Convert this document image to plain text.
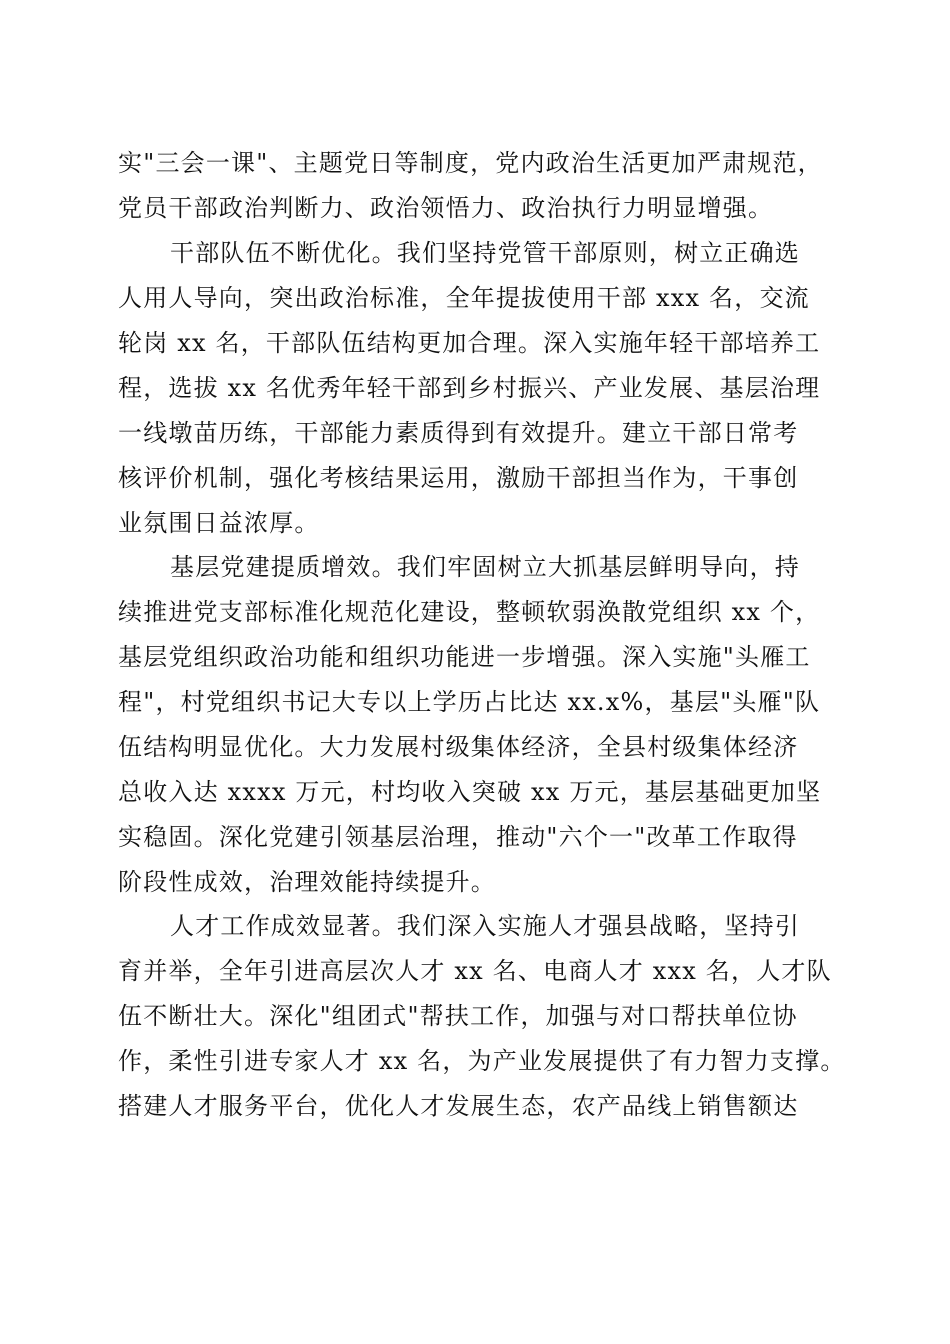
实"三会一课"、主题党日等制度，党内政治生活更加严肃规范，
党员干部政治判断力、政治领悟力、政治执行力明显增强。
干部队伍不断优化。我们坚持党管干部原则，树立正确选
人用人导向，突出政治标准，全年提拔使用干部 xxx 名，交流
轮岗 xx 名，干部队伍结构更加合理。深入实施年轻干部培养工
程，选拔 xx 名优秀年轻干部到乡村振兴、产业发展、基层治理
一线墩苗历练，干部能力素质得到有效提升。建立干部日常考
核评价机制，强化考核结果运用，激励干部担当作为，干事创
业氛围日益浓厚。
基层党建提质增效。我们牢固树立大抓基层鲜明导向，持
续推进党支部标准化规范化建设，整顿软弱涣散党组织 xx 个，
基层党组织政治功能和组织功能进一步增强。深入实施"头雁工
程"，村党组织书记大专以上学历占比达 xx.x%，基层"头雁"队
伍结构明显优化。大力发展村级集体经济，全县村级集体经济
总收入达 xxxx 万元，村均收入突破 xx 万元，基层基础更加坚
实稳固。深化党建引领基层治理，推动"六个一"改革工作取得
阶段性成效，治理效能持续提升。
人才工作成效显著。我们深入实施人才强县战略，坚持引
育并举，全年引进高层次人才 xx 名、电商人才 xxx 名，人才队
伍不断壮大。深化"组团式"帮扶工作，加强与对口帮扶单位协
作，柔性引进专家人才 xx 名，为产业发展提供了有力智力支撑。
搭建人才服务平台，优化人才发展生态，农产品线上销售额达
